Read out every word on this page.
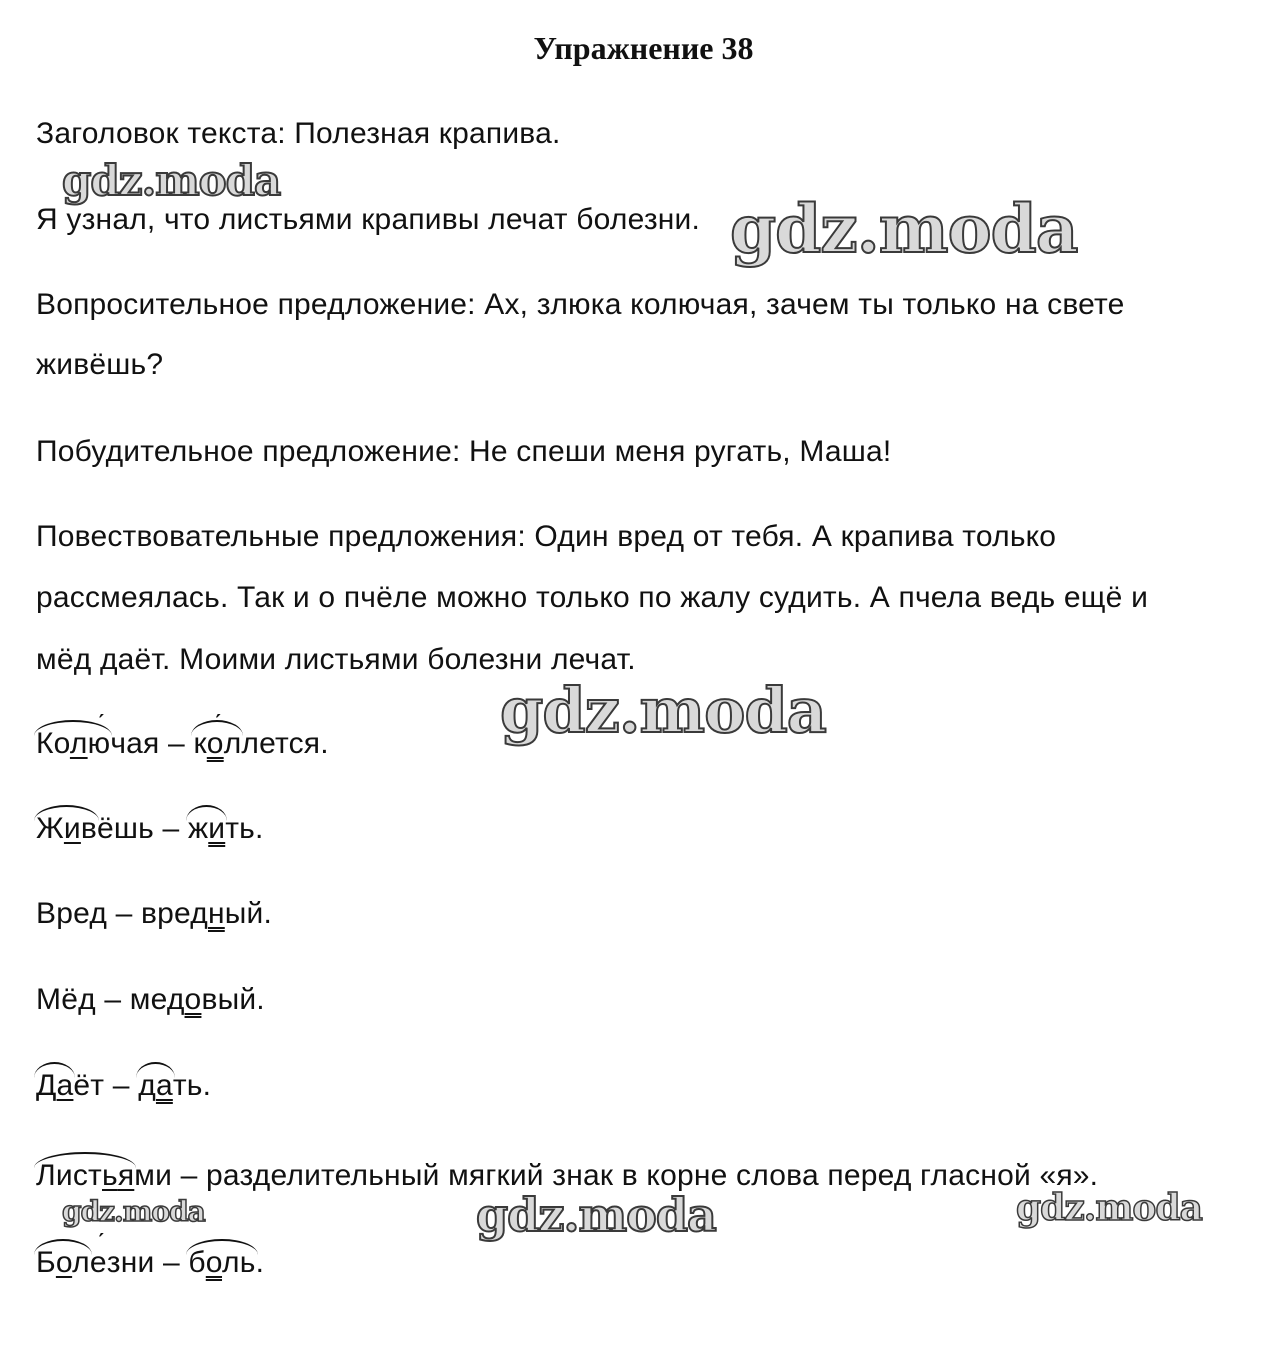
Упражнение 38
Заголовок текста: Полезная крапива.
Я узнал, что листьями крапивы лечат болезни.
Вопросительное предложение: Ах, злюка колючая, зачем ты только на свете
живёшь?
Побудительное предложение: Не спеши меня ругать, Маша!
Повествовательные предложения: Один вред от тебя. А крапива только
рассмеялась. Так и о пчёле можно только по жалу судить. А пчела ведь ещё и
мёд даёт. Моими листьями болезни лечат.
Колю ˊчая – ко ˊллется.
Живёшь – жить.
Вред – вредный.
Мёд – медовый.
Даёт – дать.
Листьями – разделительный мягкий знак в корне слова перед гласной «я».
Боле ˊзни – боль.
gdz.moda
gdz.moda
gdz.moda
gdz.moda	gdz.moda	gdz.moda
